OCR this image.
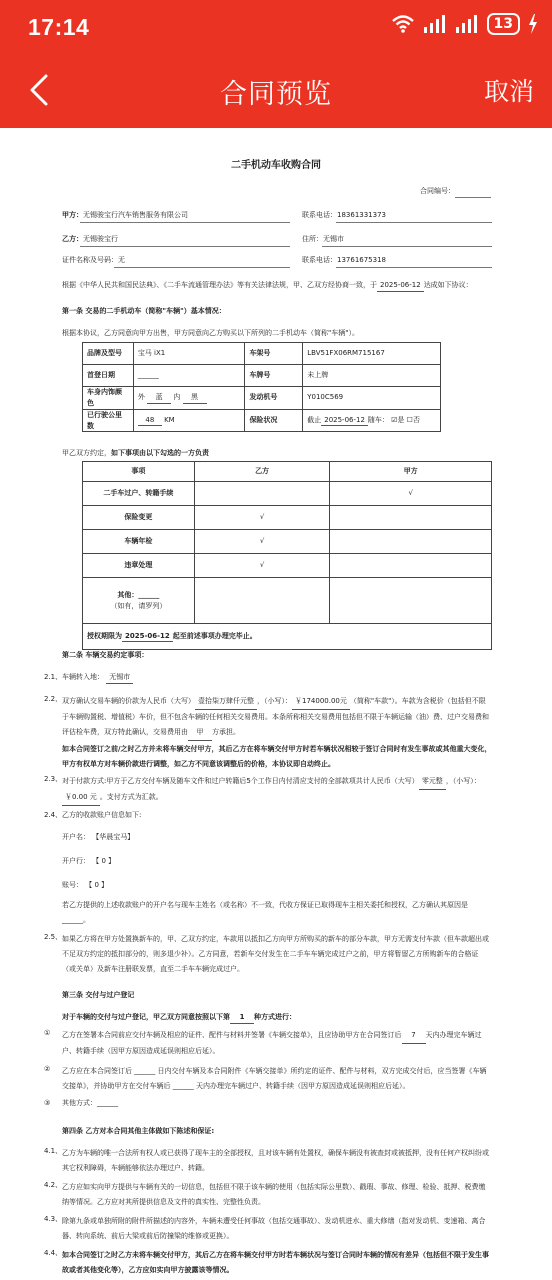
17:14	13
合同预览	取消
二手机动车收购合同
合同编号：
甲方：无锡骏宝行汽车销售服务有限公司	联系电话：18361331373
乙方：无锡骏宝行	住所：无锡市
证件名称及号码：无	联系电话：13761675318
根据《中华人民共和国民法典》、《二手车流通管理办法》等有关法律法规，甲、乙双方经协商一致，于 2025-06-12 达成如下协议：
第一条 交易的二手机动车（简称"车辆"）基本情况：
根据本协议，乙方同意向甲方出售，甲方同意向乙方购买以下所列的二手机动车（简称"车辆"）。
品牌及型号	宝马 iX1	车架号	LBV51FX06RM715167
首登日期	______	车牌号	未上牌
车身内饰颜色	外 蓝 内 黑	发动机号	Y010C569
已行驶公里数	48 KM	保险状况	截止 2025-06-12 随车： ☑是 ☐否
甲乙双方约定，如下事项由以下勾选的一方负责
事项	乙方	甲方
二手车过户、转籍手续		√
保险变更	√	
车辆年检	√	
违章处理	√	
其他：______
（如有，请罗列）		
授权期限为 2025-06-12 起至前述事项办理完毕止。		
第二条 车辆交易约定事项：
2.1、 车辆转入地： 无锡市
2.2、 双方确认交易车辆的价款为人民币（大写） 壹拾柒万肆仟元整 ，（小写）： ￥174000.00元 （简称"车款"）。车款为含税价（包括但不限于车辆购置税、增值税）车价，但不包含车辆的任何相关交易费用。本条所称相关交易费用包括但不限于车辆运输（油）费、过户交易费和评估检车费，双方特此确认，交易费用由 甲 方承担。
如本合同签订之前/之时乙方并未将车辆交付甲方，其后乙方在将车辆交付甲方时若车辆状况相较于签订合同时有发生事故或其他重大变化，甲方有权单方对车辆价款进行调整，如乙方不同意该调整后的价格，本协议即自动终止。
2.3、 对于付款方式:甲方于乙方交付车辆及随车文件和过户转籍后5个工作日内付清应支付的全部款项共计人民币（大写） 零元整 ，（小写）：￥0.00 元 。支付方式为汇款。
2.4、 乙方的收款账户信息如下:
开户名： 【华晨宝马】
开户行： 【 0 】
账号： 【 0 】
若乙方提供的上述收款账户的开户名与现车主姓名（或名称）不一致，代收方保证已取得现车主相关委托和授权，乙方确认其原因是
______。
2.5、 如果乙方将在甲方处置换新车的，甲、乙双方约定，车款用以抵扣乙方向甲方所购买的新车的部分车款，甲方无需支付车款（但车款超出或不足双方约定的抵扣部分的，则多退少补）。乙方同意，若新车交付发生在二手车车辆完成过户之前，甲方将暂留乙方所购新车的合格证（或关单）及新车注册联发票，直至二手车车辆完成过户。
第三条 交付与过户登记
对于车辆的交付与过户登记，甲乙双方同意按照以下第 1 种方式进行：
① 乙方在签署本合同前应交付车辆及相应的证件、配件与材料并签署《车辆交接单》，且应协助甲方在合同签订后 7 天内办理完车辆过户、转籍手续（因甲方原因造成延误则相应后延）。
② 乙方应在本合同签订后 ______ 日内交付车辆及本合同附件《车辆交接单》所约定的证件、配件与材料，双方完成交付后，应当签署《车辆交接单》，并协助甲方在交付车辆后 ______ 天内办理完车辆过户、转籍手续（因甲方原因造成延误则相应后延）。
③ 其他方式：______
第四条 乙方对本合同其他主体做如下陈述和保证:
4.1、 乙方为车辆的唯一合法所有权人或已获得了现车主的全部授权，且对该车辆有处置权，确保车辆没有被查封或被抵押，没有任何产权纠纷或其它权利障碍，车辆能够依法办理过户、转籍。
4.2、 乙方应如实向甲方提供与车辆有关的一切信息，包括但不限于该车辆的使用（包括实际公里数）、戳瑕、事故、修理、检验、抵押、税费缴纳等情况。乙方应对其所提供信息及文件的真实性、完整性负责。
4.3、 除第九条或单独所附的附件所描述的内容外，车辆未遭受任何事故（包括交通事故）、发动机进水、重大修缮（指对发动机、变速箱、离合器、转向系统、前后大梁或前后防撞梁的维修或更换）。
4.4、 如本合同签订之时乙方未将车辆交付甲方，其后乙方在将车辆交付甲方时若车辆状况与签订合同时车辆的情况有差异（包括但不限于发生事故或者其他变化等），乙方应如实向甲方披露该等情况。
